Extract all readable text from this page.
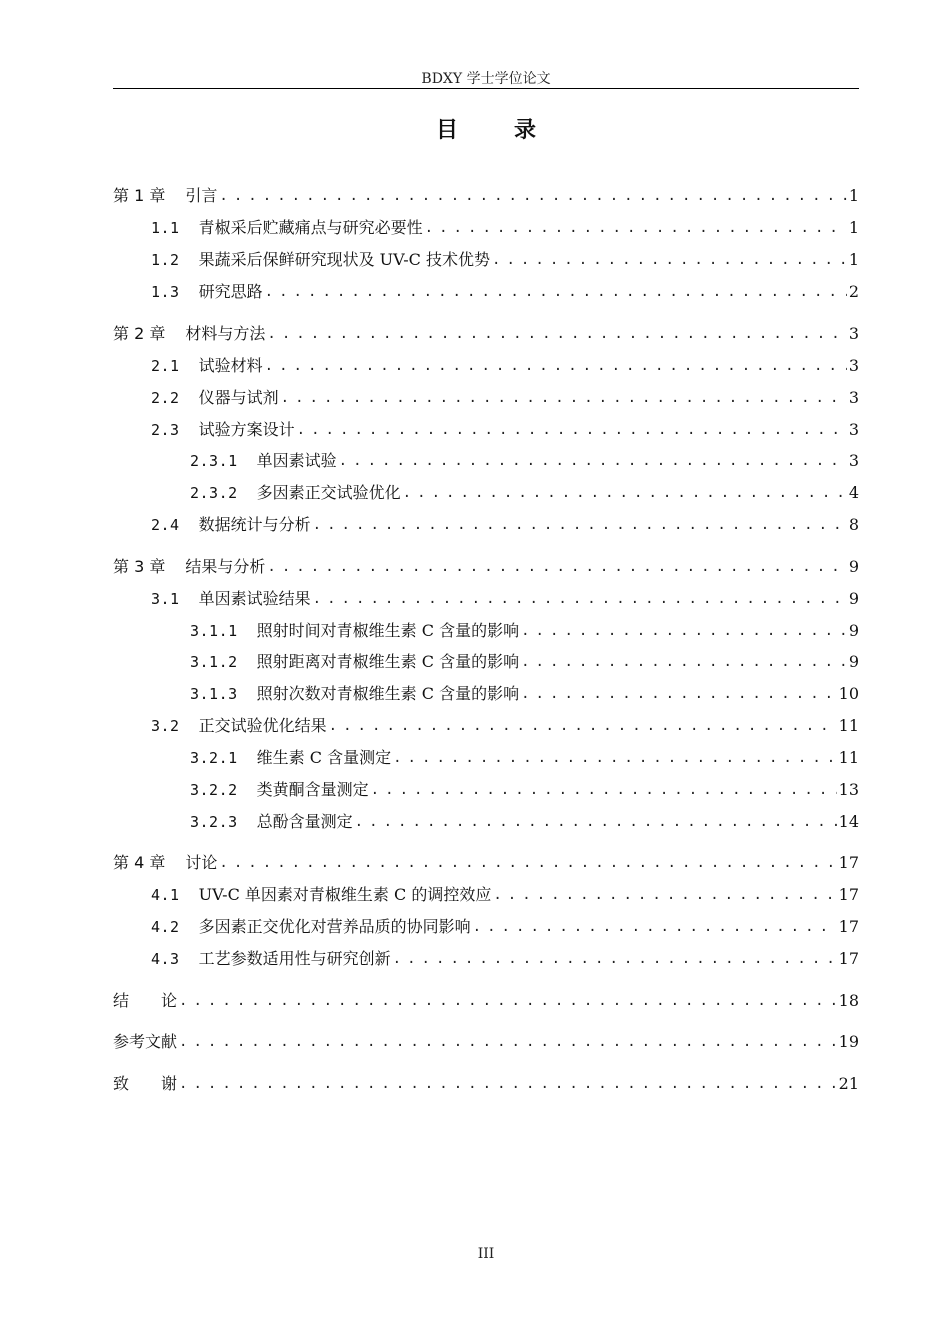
BDXY 学士学位论文
目	录
第 1 章 引言 . . .	1
1.1 青椒采后贮藏痛点与研究必要性 . . .	1
1.2 果蔬采后保鲜研究现状及 UV-C 技术优势 . . .	1
1.3 研究思路 . . .	2
第 2 章 材料与方法 . . .	3
2.1 试验材料 . . .	3
2.2 仪器与试剂 . . .	3
2.3 试验方案设计 . . .	3
2.3.1 单因素试验 . . .	3
2.3.2 多因素正交试验优化 . . .	4
2.4 数据统计与分析 . . .	8
第 3 章 结果与分析 . . .	9
3.1 单因素试验结果 . . .	9
3.1.1 照射时间对青椒维生素 C 含量的影响 . . .	9
3.1.2 照射距离对青椒维生素 C 含量的影响 . . .	9
3.1.3 照射次数对青椒维生素 C 含量的影响 . . .	10
3.2 正交试验优化结果 . . .	11
3.2.1 维生素 C 含量测定 . . .	11
3.2.2 类黄酮含量测定 . . .	13
3.2.3 总酚含量测定 . . .	14
第 4 章 讨论 . . .	17
4.1 UV-C 单因素对青椒维生素 C 的调控效应 . . .	17
4.2 多因素正交优化对营养品质的协同影响 . . .	17
4.3 工艺参数适用性与研究创新 . . .	17
结　　论 . . .	18
参考文献 . . .	19
致　　谢 . . .	21
III
